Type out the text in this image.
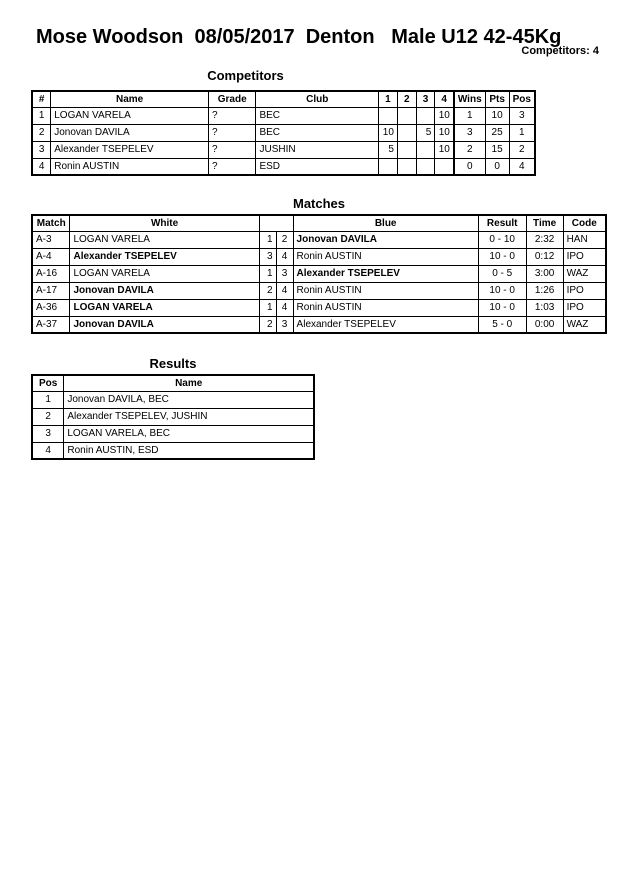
Mose Woodson  08/05/2017  Denton   Male U12 42-45Kg
Competitors: 4
Competitors
#	Name	Grade	Club	1	2	3	4	Wins	Pts	Pos
1	LOGAN VARELA	?	BEC				10	1	10	3
2	Jonovan DAVILA	?	BEC	10		5	10	3	25	1
3	Alexander TSEPELEV	?	JUSHIN	5			10	2	15	2
4	Ronin AUSTIN	?	ESD					0	0	4
Matches
Match	White			Blue	Result	Time	Code
A-3	LOGAN VARELA	1	2	Jonovan DAVILA	0 - 10	2:32	HAN
A-4	Alexander TSEPELEV	3	4	Ronin AUSTIN	10 - 0	0:12	IPO
A-16	LOGAN VARELA	1	3	Alexander TSEPELEV	0 - 5	3:00	WAZ
A-17	Jonovan DAVILA	2	4	Ronin AUSTIN	10 - 0	1:26	IPO
A-36	LOGAN VARELA	1	4	Ronin AUSTIN	10 - 0	1:03	IPO
A-37	Jonovan DAVILA	2	3	Alexander TSEPELEV	5 - 0	0:00	WAZ
Results
Pos	Name
1	Jonovan DAVILA, BEC
2	Alexander TSEPELEV, JUSHIN
3	LOGAN VARELA, BEC
4	Ronin AUSTIN, ESD
